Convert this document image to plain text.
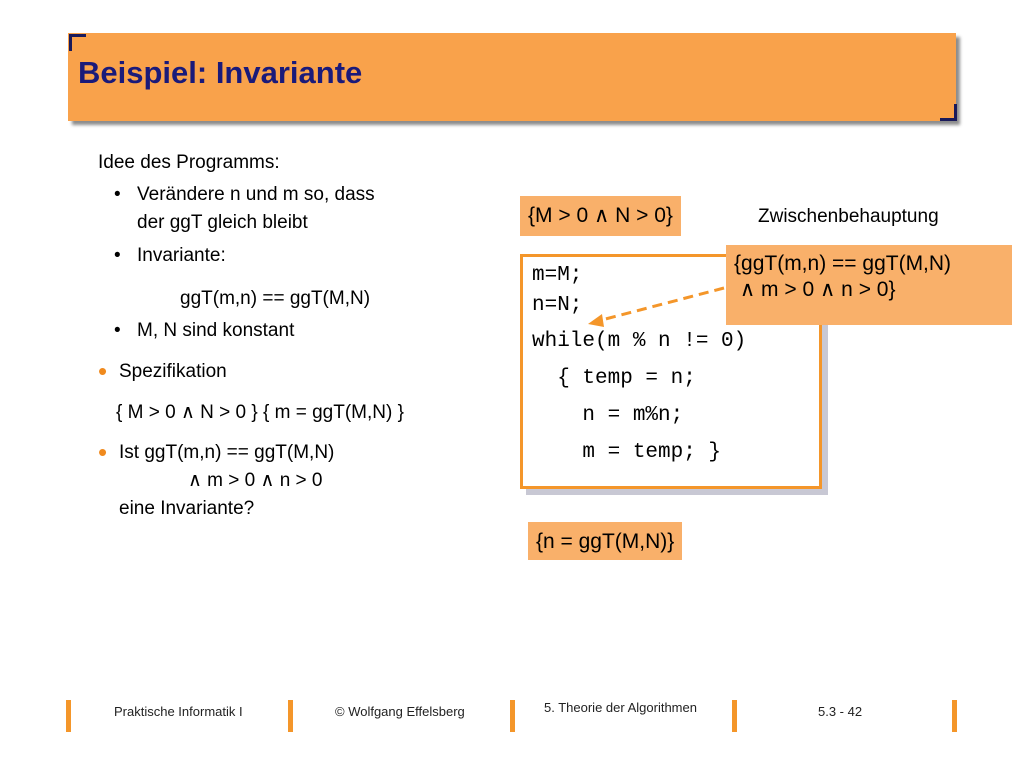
Beispiel: Invariante
Idee des Programms:
• Verändere n und m so, dass
der ggT gleich bleibt
• Invariante:
ggT(m,n) == ggT(M,N)
• M, N sind konstant
• Spezifikation
{ M > 0 ∧ N > 0 } { m = ggT(M,N) }
• Ist ggT(m,n) == ggT(M,N)
∧ m > 0 ∧ n > 0
eine Invariante?
{M > 0 ∧ N > 0}	Zwischenbehauptung
m=M;
n=N;
while(m % n != 0)
{ temp = n;
n = m%n;
m = temp; }
{ggT(m,n) == ggT(M,N)
∧ m > 0 ∧ n > 0}
{n = ggT(M,N)}
Praktische Informatik I	© Wolfgang Effelsberg	5. Theorie der Algorithmen	5.3 - 42
